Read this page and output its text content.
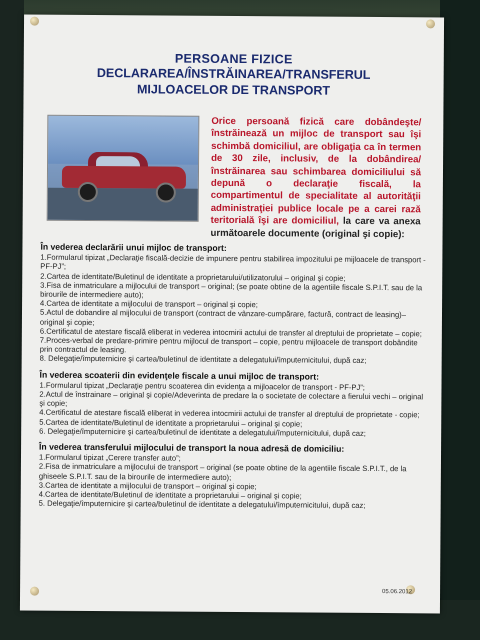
PERSOANE FIZICE
DECLARAREA/ÎNSTRĂINAREA/TRANSFERUL
MIJLOACELOR DE TRANSPORT
Orice persoană fizică care dobândeşte/înstrăinează un mijloc de transport sau îşi schimbă domiciliul, are obligaţia ca în termen de 30 zile, inclusiv, de la dobândirea/înstrăinarea sau schimbarea domiciliului să depună o declaraţie fiscală, la compartimentul de specialitate al autorităţii administraţiei publice locale pe a carei rază teritorială îşi are domiciliul, la care va anexa următoarele documente (original şi copie):
În vederea declarării unui mijloc de transport:
1.Formularul tipizat „Declaraţie fiscală-decizie de impunere pentru stabilirea impozitului pe mijloacele de transport - PF-PJ”;
2.Cartea de identitate/Buletinul de identitate a proprietarului/utilizatorului – original şi copie;
3.Fisa de inmatriculare a mijlocului de transport – original; (se poate obtine de la agentiile fiscale S.P.I.T. sau de la birourile de intermediere auto);
4.Cartea de identitate a mijlocului de transport – original şi copie;
5.Actul de dobandire al mijlocului de transport (contract de vânzare-cumpărare, factură, contract de leasing)– original şi copie;
6.Certificatul de atestare fiscală eliberat in vederea intocmirii actului de transfer al dreptului de proprietate – copie;
7.Proces-verbal de predare-primire pentru mijlocul de transport – copie, pentru mijloacele de transport dobândite prin contractul de leasing.
8. Delegaţie/împuternicire şi cartea/buletinul de identitate a delegatului/împuternicitului, după caz;
În vederea scoaterii din evidenţele fiscale a unui mijloc de transport:
1.Formularul tipizat „Declaraţie pentru scoaterea din evidenţa a mijloacelor de transport - PF-PJ”;
2.Actul de înstrainare – original şi copie/Adeverinta de predare la o societate de colectare a fierului vechi – original şi copie;
4.Certificatul de atestare fiscală eliberat in vederea intocmirii actului de transfer al dreptului de proprietate - copie;
5.Cartea de identitate/Buletinul de identitate a proprietarului – original şi copie;
6. Delegaţie/împuternicire şi cartea/buletinul de identitate a delegatului/împuternicitului, după caz;
În vederea transferului mijlocului de transport la noua adresă de domiciliu:
1.Formularul tipizat „Cerere transfer auto”;
2.Fisa de inmatriculare a mijlocului de transport – original (se poate obtine de la agentiile fiscale S.P.I.T., de la ghiseele S.P.I.T. sau de la birourile de intermediere auto);
3.Cartea de identitate a mijlocului de transport – original şi copie;
4.Cartea de identitate/Buletinul de identitate a proprietarului – original şi copie;
5. Delegaţie/împuternicire şi cartea/buletinul de identitate a delegatului/împuternicitului, după caz;
05.06.2012
